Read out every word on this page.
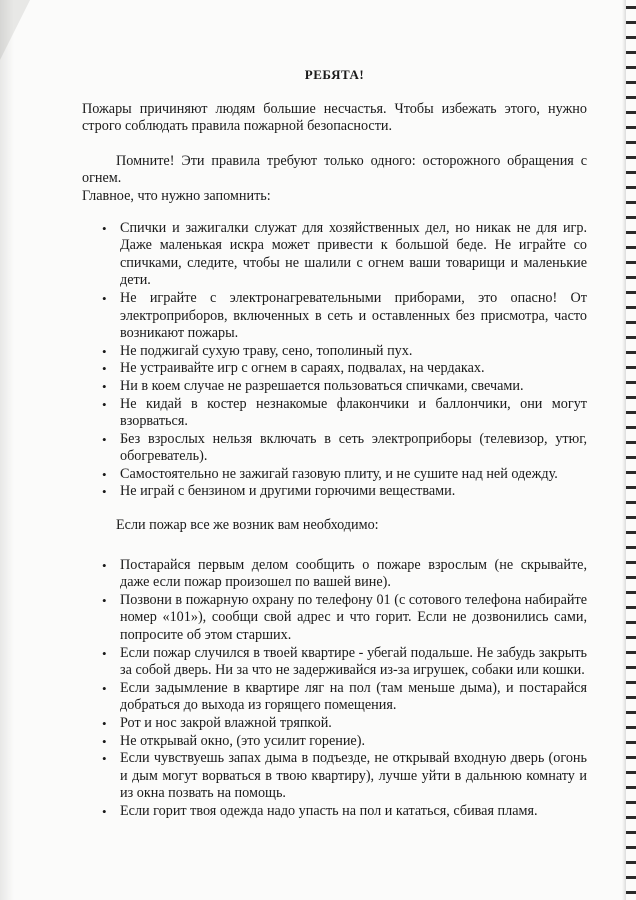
РЕБЯТА!

Пожары причиняют людям большие несчастья. Чтобы избежать этого, нужно строго соблюдать правила пожарной безопасности.

Помните! Эти правила требуют только одного: осторожного обращения с огнем.

Главное, что нужно запомнить:

• Спички и зажигалки служат для хозяйственных дел, но никак не для игр. Даже маленькая искра может привести к большой беде. Не играйте со спичками, следите, чтобы не шалили с огнем ваши товарищи и маленькие дети.
• Не играйте с электронагревательными приборами, это опасно! От электроприборов, включенных в сеть и оставленных без присмотра, часто возникают пожары.
• Не поджигай сухую траву, сено, тополиный пух.
• Не устраивайте игр с огнем в сараях, подвалах, на чердаках.
• Ни в коем случае не разрешается пользоваться спичками, свечами.
• Не кидай в костер незнакомые флакончики и баллончики, они могут взорваться.
• Без взрослых нельзя включать в сеть электроприборы (телевизор, утюг, обогреватель).
• Самостоятельно не зажигай газовую плиту, и не сушите над ней одежду.
• Не играй с бензином и другими горючими веществами.

Если пожар все же возник вам необходимо:

• Постарайся первым делом сообщить о пожаре взрослым (не скрывайте, даже если пожар произошел по вашей вине).
• Позвони в пожарную охрану по телефону 01 (с сотового телефона набирайте номер «101»), сообщи свой адрес и что горит. Если не дозвонились сами, попросите об этом старших.
• Если пожар случился в твоей квартире - убегай подальше. Не забудь закрыть за собой дверь. Ни за что не задерживайся из-за игрушек, собаки или кошки.
• Если задымление в квартире ляг на пол (там меньше дыма), и постарайся добраться до выхода из горящего помещения.
• Рот и нос закрой влажной тряпкой.
• Не открывай окно, (это усилит горение).
• Если чувствуешь запах дыма в подъезде, не открывай входную дверь (огонь и дым могут ворваться в твою квартиру), лучше уйти в дальнюю комнату и из окна позвать на помощь.
• Если горит твоя одежда надо упасть на пол и кататься, сбивая пламя.
